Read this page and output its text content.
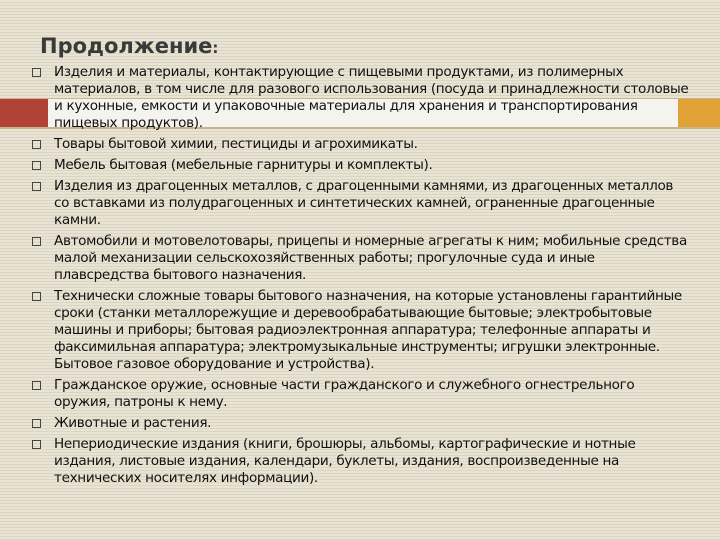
Продолжение:
Изделия и материалы, контактирующие с пищевыми продуктами, из полимерных материалов, в том числе для разового использования (посуда и принадлежности столовые и кухонные, емкости и упаковочные материалы для хранения и транспортирования пищевых продуктов).
Товары бытовой химии, пестициды и агрохимикаты.
Мебель бытовая (мебельные гарнитуры и комплекты).
Изделия из драгоценных металлов, с драгоценными камнями, из драгоценных металлов со вставками из полудрагоценных и синтетических камней, ограненные драгоценные камни.
Автомобили и мотовелотовары, прицепы и номерные агрегаты к ним; мобильные средства малой механизации сельскохозяйственных работы; прогулочные суда и иные плавсредства бытового назначения.
Технически сложные товары бытового назначения, на которые установлены гарантийные сроки (станки металлорежущие и деревообрабатывающие бытовые; электробытовые машины и приборы; бытовая радиоэлектронная аппаратура; телефонные аппараты и факсимильная аппаратура; электромузыкальные инструменты; игрушки электронные. Бытовое газовое оборудование и устройства).
Гражданское оружие, основные части гражданского и служебного огнестрельного оружия, патроны к нему.
Животные и растения.
Непериодические издания (книги, брошюры, альбомы, картографические и нотные издания, листовые издания, календари, буклеты, издания, воспроизведенные на технических носителях информации).
